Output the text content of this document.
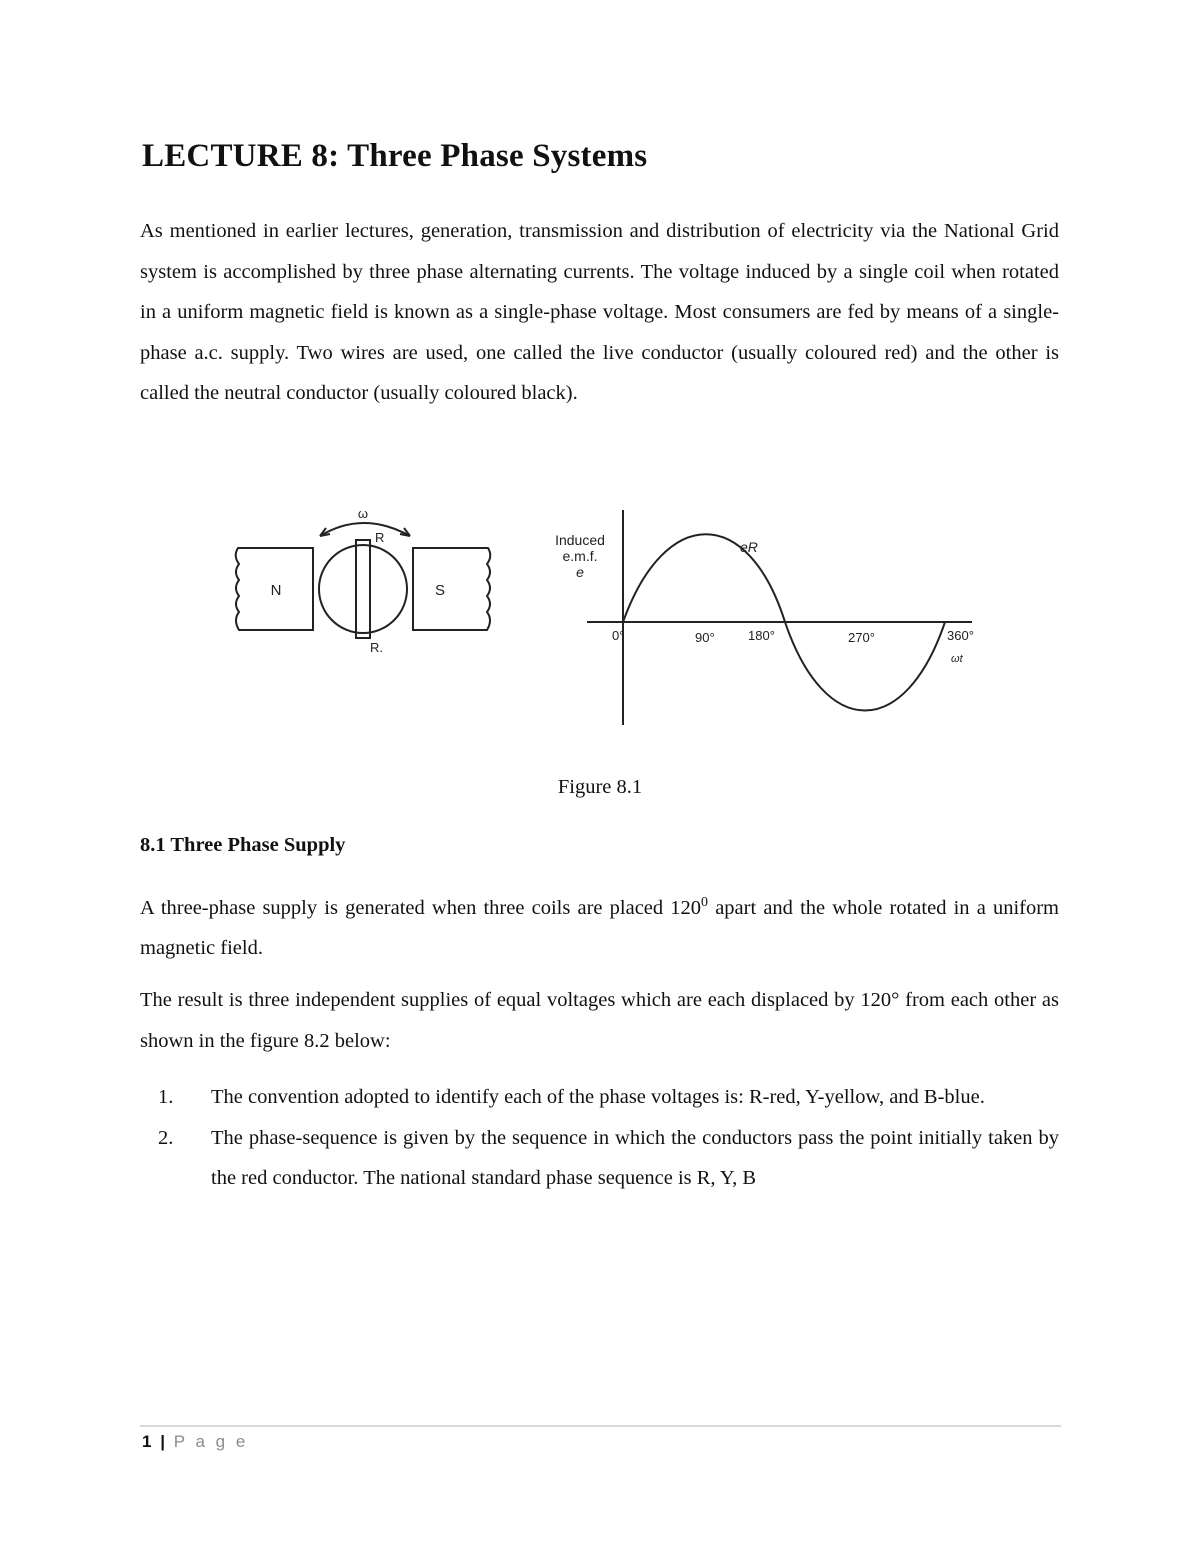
LECTURE 8: Three Phase Systems

As mentioned in earlier lectures, generation, transmission and distribution of electricity via the National Grid system is accomplished by three phase alternating currents. The voltage induced by a single coil when rotated in a uniform magnetic field is known as a single-phase voltage. Most consumers are fed by means of a single-phase a.c. supply. Two wires are used, one called the live conductor (usually coloured red) and the other is called the neutral conductor (usually coloured black).

N	S
ω
R
R.
Induced
e.m.f.
e
eR
0°	90°	180°	270°	360°
ωt
Figure 8.1
8.1 Three Phase Supply

A three-phase supply is generated when three coils are placed $120^0$ apart and the whole rotated in a uniform magnetic field.

The result is three independent supplies of equal voltages which are each displaced by 120° from each other as shown in the figure 8.2 below:

1. The convention adopted to identify each of the phase voltages is: R-red, Y-yellow, and B-blue.
2. The phase-sequence is given by the sequence in which the conductors pass the point initially taken by the red conductor. The national standard phase sequence is R, Y, B
1 | P a g e
